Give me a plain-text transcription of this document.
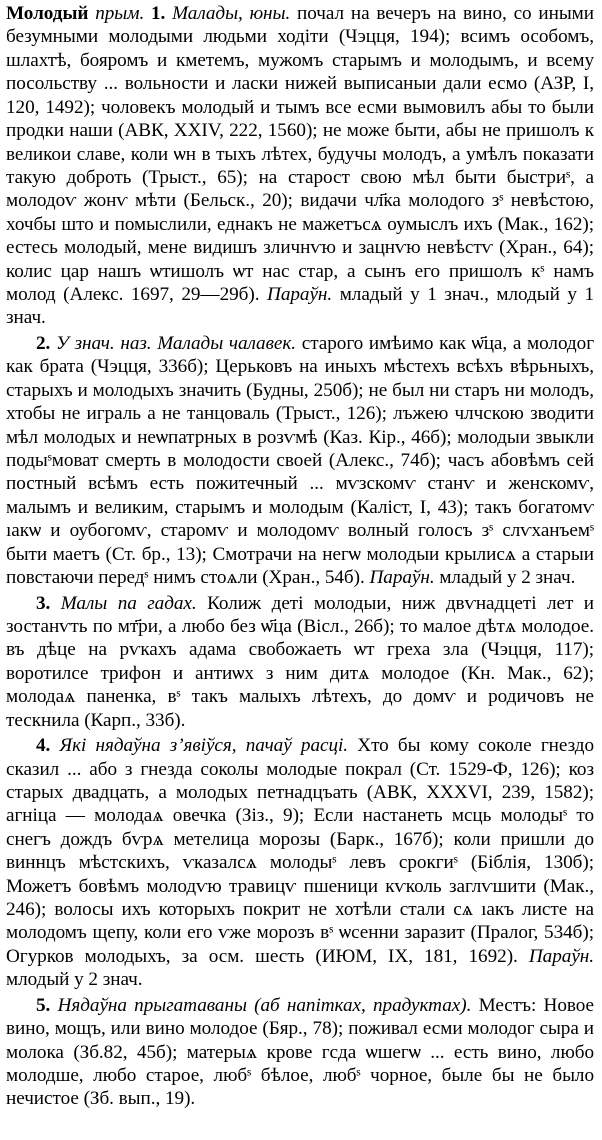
Молодый прым. 1. Малады, юны. почал на вечеръ на вино, со иными безумными молодыми людьми ходіти (Чэцця, 194); всимъ особомъ, шлахтѣ, бояромъ и кметемъ, мужомъ старымъ и молодымъ, и всему посольству ... вольности и ласки нижей выписаныи дали есмо (АЗР, I, 120, 1492); чоловекъ молодый и тымъ все есми вымовилъ абы то были продки наши (АВК, XXIV, 222, 1560); не може быти, абы не пришолъ к великои славе, коли ѡн в тыхъ лѣтех, будучы молодъ, а умѣлъ показати такую доброть (Трыст., 65); на старост свою мѣл быти быстриˢ, а молодоѵ жонѵ мѣти (Бельск., 20); видачи чл҃ка молодого зˢ невѣстою, хочбы што и помыслили, еднакъ не мажетъсѧ оумыслъ ихъ (Мак., 162); естесь молодый, мене видишъ зличнѵю и зацнѵю невѣстѵ (Хран., 64); колис цар нашъ ѡтишолъ ѡт нас стар, а сынъ его пришолъ кˢ намъ молод (Алекс. 1697, 29—29б). Параўн. младый у 1 знач., млодый у 1 знач.

2. У знач. наз. Малады чалавек. старого имѣимо как ѡ҃ца, а молодог как брата (Чэцця, 336б); Церьковъ на иныхъ мѣстехъ всѣхъ вѣрьныхъ, старыхъ и молодыхъ значить (Будны, 250б); не был ни старъ ни молодъ, хтобы не играль а не танцоваль (Трыст., 126); лъжею члчскою зводити мѣл молодых и неѡпатрных в розѵмѣ (Каз. Кір., 46б); молодыи звыкли подыˢмоват смерть в молодости своей (Алекс., 74б); часъ абовѣмъ сей постный всѣмъ есть пожитечный ... мѵзскомѵ станѵ и женскомѵ, малымъ и великим, старымъ и молодым (Каліст, I, 43); такъ богатомѵ ıакѡ и оубогомѵ, старомѵ и молодомѵ волный голосъ зˢ слѵханъемˢ быти маетъ (Ст. бр., 13); Смотрачи на негѡ молодыи крылисѧ а старыи повстаючи передˢ нимъ стоѧли (Хран., 54б). Параўн. младый у 2 знач.

3. Малы па гадах. Колиж деті молодыи, ниж двѵнадцеті лет и зостанѵть по мт҃ри, а любо без ѡ҃ца (Вісл., 26б); то малое дѣтѧ молодое. въ дѣце на рѵкахъ адама свобожаеть ѡт греха зла (Чэцця, 117); воротилсе трифон и антиѡх з ним дитѧ молодое (Кн. Мак., 62); молодаѧ паненка, вˢ такъ малыхъ лѣтехъ, до домѵ и родичовъ не тескнила (Карп., 33б).

4. Які нядаўна з’явіўся, пачаў расці. Хто бы кому соколе гнездо сказил ... або з гнезда соколы молодые покрал (Ст. 1529-Ф, 126); коз старых двадцать, а молодых петнадцъать (АВК, XXXVI, 239, 1582); агніца — молодаѧ овечка (Зіз., 9); Если настанеть мсць молодыˢ то снегъ дождъ бѵрѧ метелица морозы (Барк., 167б); коли пришли до виннцъ мѣстскихъ, ѵказалсѧ молодыˢ левъ срокгиˢ (Біблія, 130б); Можетъ бовѣмъ молодѵю травицѵ пшеници кѵколь заглѵшити (Мак., 246); волосы ихъ которыхъ покрит не хотѣли стали сѧ ıакъ листе на молодомъ щепу, коли его ѵже морозъ вˢ ѡсенни заразит (Пралог, 534б); Огурков молодыхъ, за осм. шесть (ИЮМ, IX, 181, 1692). Параўн. млодый у 2 знач.

5. Нядаўна прыгатаваны (аб напітках, прадуктах). Местъ: Новое вино, мощъ, или вино молодое (Бяр., 78); поживал есми молодог сыра и молока (Зб.82, 45б); матерыѧ крове гсда ѡшегѡ ... есть вино, любо молодше, любо старое, любˢ бѣлое, любˢ чорное, быле бы не было нечистое (Зб. вып., 19).
